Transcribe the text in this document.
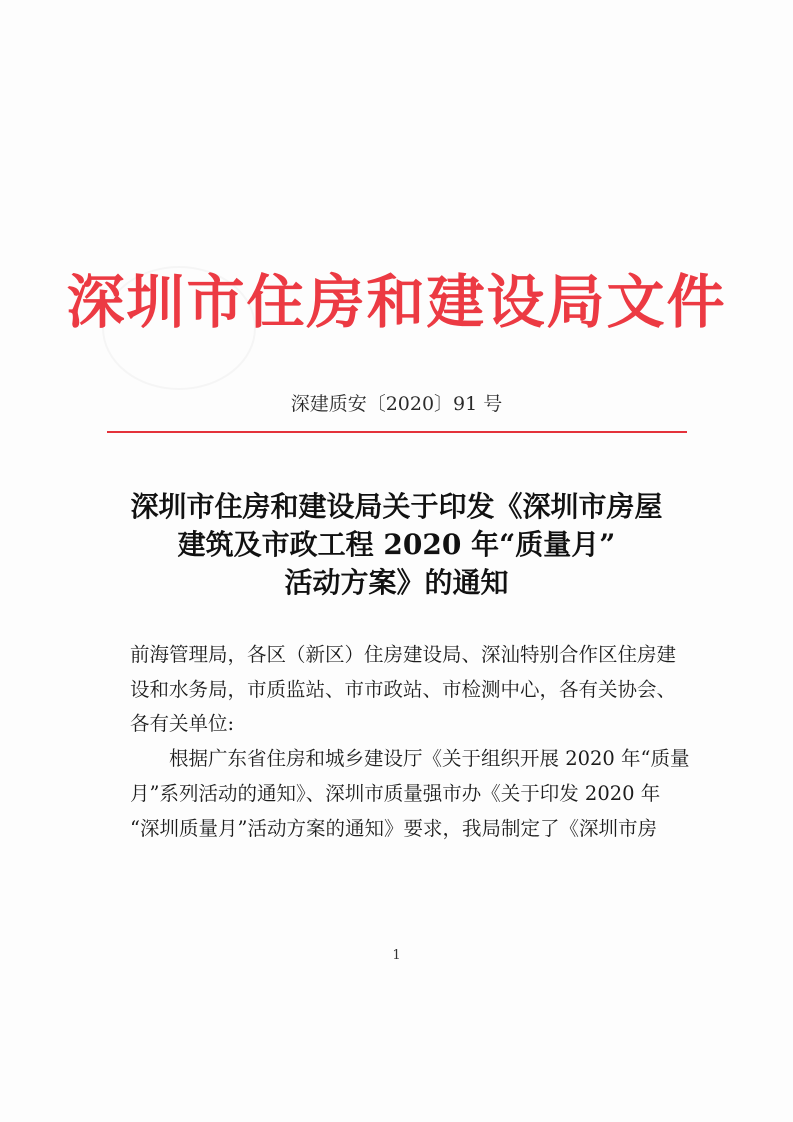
深圳市住房和建设局文件
深建质安〔2020〕91 号
深圳市住房和建设局关于印发《深圳市房屋
建筑及市政工程 2020 年“质量月”
活动方案》的通知
前海管理局，各区（新区）住房建设局、深汕特别合作区住房建
设和水务局，市质监站、市市政站、市检测中心，各有关协会、
各有关单位:
　　根据广东省住房和城乡建设厅《关于组织开展 2020 年“质量
月”系列活动的通知》、深圳市质量强市办《关于印发 2020 年
“深圳质量月”活动方案的通知》要求，我局制定了《深圳市房
1
